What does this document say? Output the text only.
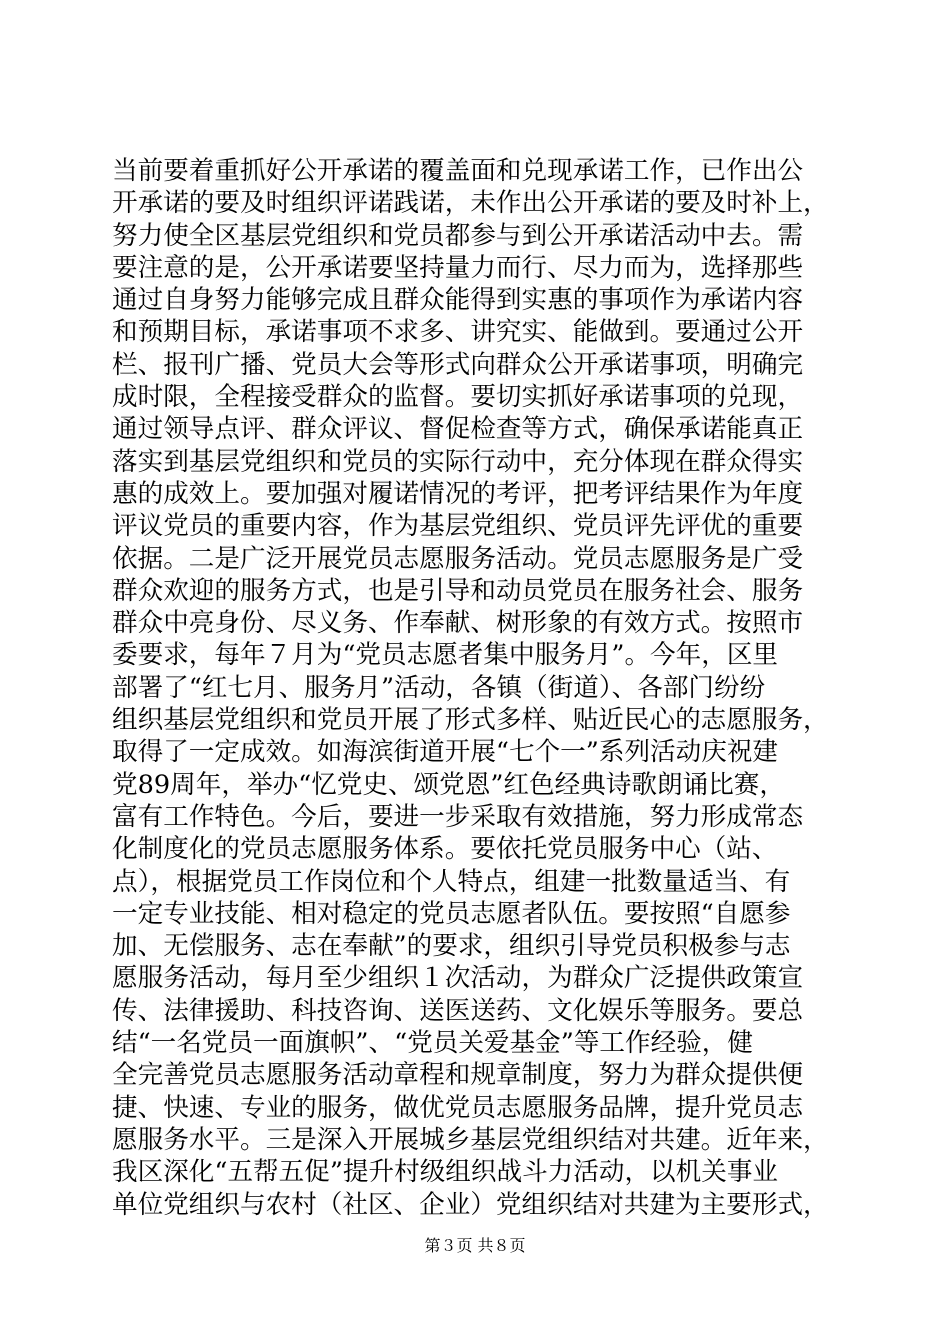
当前要着重抓好公开承诺的覆盖面和兑现承诺工作，已作出公
开承诺的要及时组织评诺践诺，未作出公开承诺的要及时补上，
努力使全区基层党组织和党员都参与到公开承诺活动中去。需
要注意的是，公开承诺要坚持量力而行、尽力而为，选择那些
通过自身努力能够完成且群众能得到实惠的事项作为承诺内容
和预期目标，承诺事项不求多、讲究实、能做到。要通过公开
栏、报刊广播、党员大会等形式向群众公开承诺事项，明确完
成时限，全程接受群众的监督。要切实抓好承诺事项的兑现，
通过领导点评、群众评议、督促检查等方式，确保承诺能真正
落实到基层党组织和党员的实际行动中，充分体现在群众得实
惠的成效上。要加强对履诺情况的考评，把考评结果作为年度
评议党员的重要内容，作为基层党组织、党员评先评优的重要
依据。二是广泛开展党员志愿服务活动。党员志愿服务是广受
群众欢迎的服务方式，也是引导和动员党员在服务社会、服务
群众中亮身份、尽义务、作奉献、树形象的有效方式。按照市
委要求，每年７月为“党员志愿者集中服务月”。今年，区里
部署了“红七月、服务月”活动，各镇（街道）、各部门纷纷
组织基层党组织和党员开展了形式多样、贴近民心的志愿服务，
取得了一定成效。如海滨街道开展“七个一”系列活动庆祝建
党89周年，举办“忆党史、颂党恩”红色经典诗歌朗诵比赛，
富有工作特色。今后，要进一步采取有效措施，努力形成常态
化制度化的党员志愿服务体系。要依托党员服务中心（站、
点），根据党员工作岗位和个人特点，组建一批数量适当、有
一定专业技能、相对稳定的党员志愿者队伍。要按照“自愿参
加、无偿服务、志在奉献”的要求，组织引导党员积极参与志
愿服务活动，每月至少组织１次活动，为群众广泛提供政策宣
传、法律援助、科技咨询、送医送药、文化娱乐等服务。要总
结“一名党员一面旗帜”、“党员关爱基金”等工作经验，健
全完善党员志愿服务活动章程和规章制度，努力为群众提供便
捷、快速、专业的服务，做优党员志愿服务品牌，提升党员志
愿服务水平。三是深入开展城乡基层党组织结对共建。近年来，
我区深化“五帮五促”提升村级组织战斗力活动，以机关事业
单位党组织与农村（社区、企业）党组织结对共建为主要形式，
第３页 共８页
